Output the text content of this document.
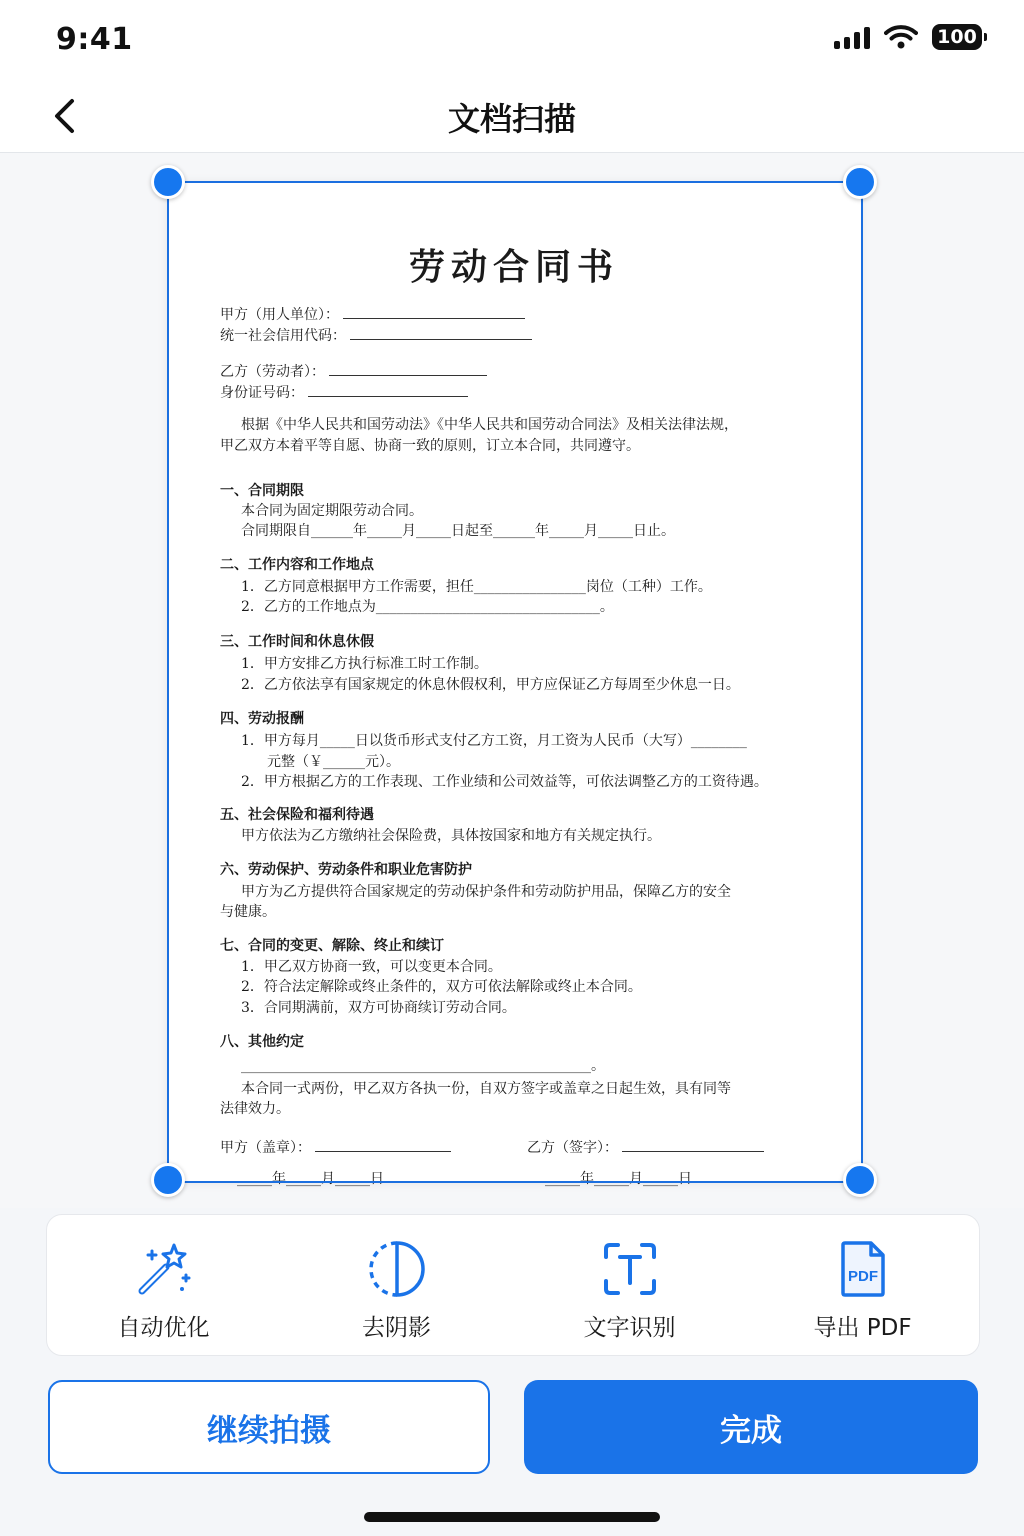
9:41	100
文档扫描
劳动合同书
甲方（用人单位）：
统一社会信用代码：
乙方（劳动者）：
身份证号码：
根据《中华人民共和国劳动法》《中华人民共和国劳动合同法》及相关法律法规，
甲乙双方本着平等自愿、协商一致的原则，订立本合同，共同遵守。
一、合同期限
本合同为固定期限劳动合同。
合同期限自______年_____月_____日起至______年_____月_____日止。
二、工作内容和工作地点
1．乙方同意根据甲方工作需要，担任________________岗位（工种）工作。
2．乙方的工作地点为________________________________。
三、工作时间和休息休假
1．甲方安排乙方执行标准工时工作制。
2．乙方依法享有国家规定的休息休假权利，甲方应保证乙方每周至少休息一日。
四、劳动报酬
1．甲方每月_____日以货币形式支付乙方工资，月工资为人民币（大写）________
元整（￥______元）。
2．甲方根据乙方的工作表现、工作业绩和公司效益等，可依法调整乙方的工资待遇。
五、社会保险和福利待遇
甲方依法为乙方缴纳社会保险费，具体按国家和地方有关规定执行。
六、劳动保护、劳动条件和职业危害防护
甲方为乙方提供符合国家规定的劳动保护条件和劳动防护用品，保障乙方的安全
与健康。
七、合同的变更、解除、终止和续订
1．甲乙双方协商一致，可以变更本合同。
2．符合法定解除或终止条件的，双方可依法解除或终止本合同。
3．合同期满前，双方可协商续订劳动合同。
八、其他约定
__________________________________________________。
本合同一式两份，甲乙双方各执一份，自双方签字或盖章之日起生效，具有同等
法律效力。
甲方（盖章）：	乙方（签字）：
_____年_____月_____日	_____年_____月_____日
自动优化	去阴影	文字识别
PDF
导出 PDF
继续拍摄	完成
